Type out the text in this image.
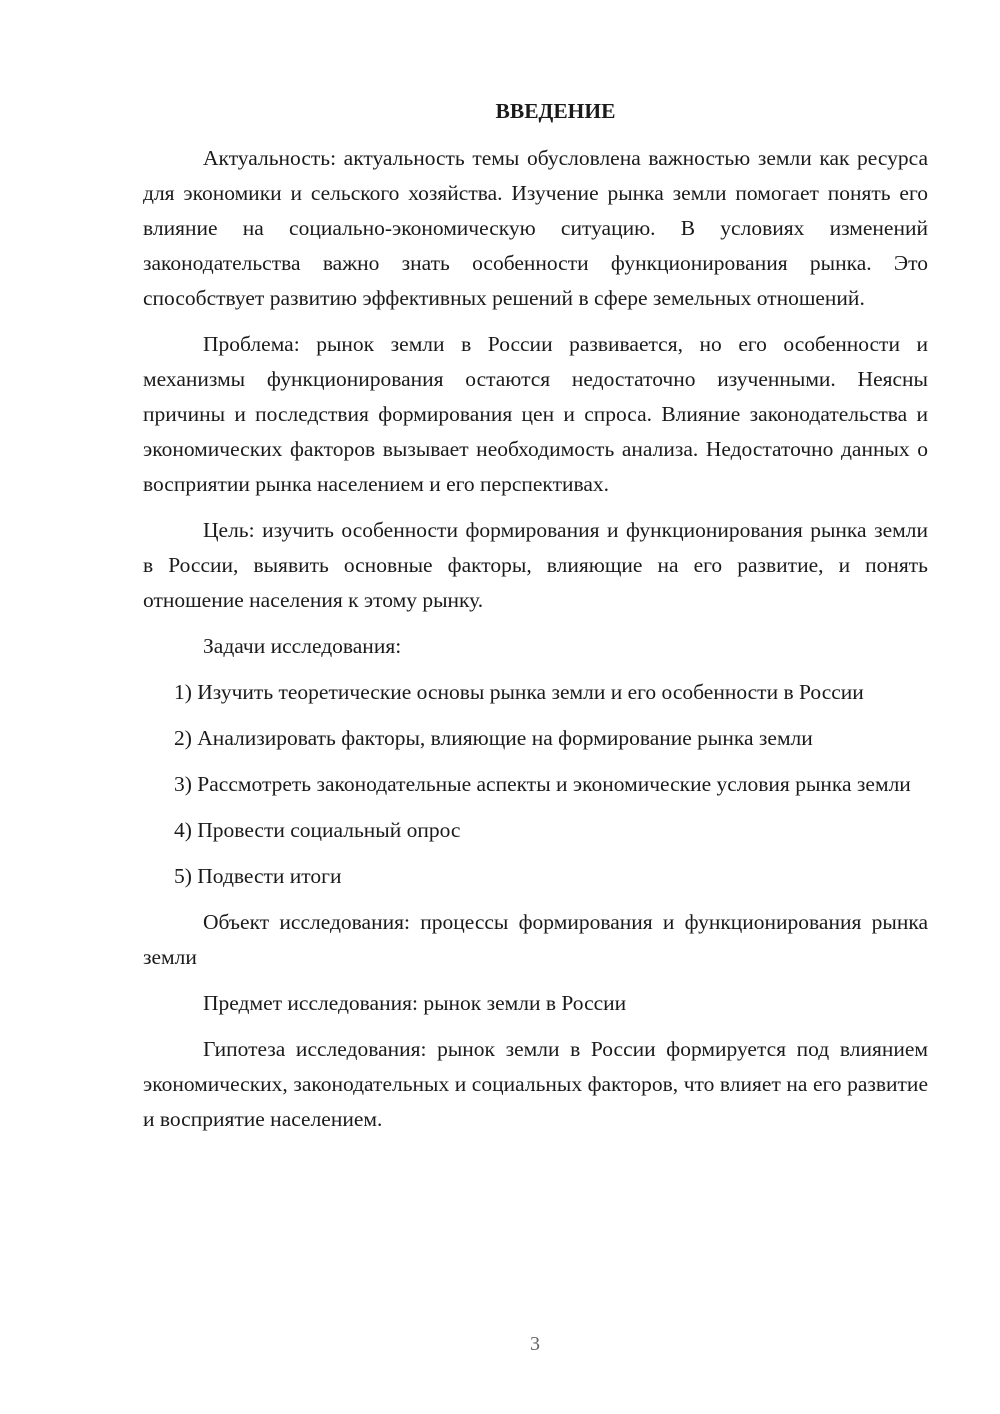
ВВЕДЕНИЕ

Актуальность: актуальность темы обусловлена важностью земли как ресурса для экономики и сельского хозяйства. Изучение рынка земли помогает понять его влияние на социально-экономическую ситуацию. В условиях изменений законодательства важно знать особенности функционирования рынка. Это способствует развитию эффективных решений в сфере земельных отношений.

Проблема: рынок земли в России развивается, но его особенности и механизмы функционирования остаются недостаточно изученными. Неясны причины и последствия формирования цен и спроса. Влияние законодательства и экономических факторов вызывает необходимость анализа. Недостаточно данных о восприятии рынка населением и его перспективах.

Цель: изучить особенности формирования и функционирования рынка земли в России, выявить основные факторы, влияющие на его развитие, и понять отношение населения к этому рынку.

Задачи исследования:

1) Изучить теоретические основы рынка земли и его особенности в России

2) Анализировать факторы, влияющие на формирование рынка земли

3) Рассмотреть законодательные аспекты и экономические условия рынка земли

4) Провести социальный опрос

5) Подвести итоги

Объект исследования: процессы формирования и функционирования рынка земли

Предмет исследования: рынок земли в России

Гипотеза исследования: рынок земли в России формируется под влиянием экономических, законодательных и социальных факторов, что влияет на его развитие и восприятие населением.

3
